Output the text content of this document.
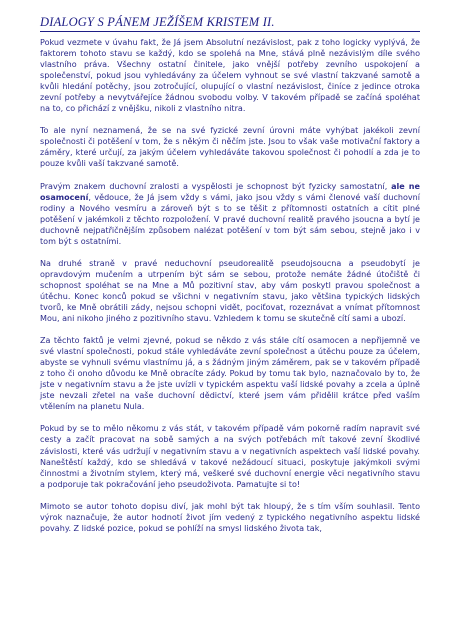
DIALOGY S PÁNEM JEŽÍŠEM KRISTEM II.

Pokud vezmete v úvahu fakt, že Já jsem Absolutní nezávislost, pak z toho logicky vyplývá, že faktorem tohoto stavu se každý, kdo se spolehá na Mne, stává plně nezávislým díle svého vlastního práva. Všechny ostatní činitele, jako vnější potřeby zevního uspokojení a společenství, pokud jsou vyhledávány za účelem vyhnout se své vlastní takzvané samotě a kvůli hledání potěchy, jsou zotročující, olupující o vlastní nezávislost, činíce z jedince otroka zevní potřeby a nevytvářejíce žádnou svobodu volby. V takovém případě se začíná spoléhat na to, co přichází z vnějšku, nikoli z vlastního nitra.

To ale nyní neznamená, že se na své fyzické zevní úrovni máte vyhýbat jakékoli zevní společnosti či potěšení v tom, že s někým či něčím jste. Jsou to však vaše motivační faktory a záměry, které určují, za jakým účelem vyhledáváte takovou společnost či pohodlí a zda je to pouze kvůli vaší takzvané samotě.

Pravým znakem duchovní zralosti a vyspělosti je schopnost být fyzicky samostatní, ale ne osamocení, vědouce, že Já jsem vždy s vámi, jako jsou vždy s vámi členové vaší duchovní rodiny a Nového vesmíru a zároveň být s to se těšit z přítomnosti ostatních a cítit plné potěšení v jakémkoli z těchto rozpoložení. V pravé duchovní realitě pravého jsoucna a bytí je duchovně nejpatřičnějším způsobem nalézat potěšení v tom být sám sebou, stejně jako i v tom být s ostatními.

Na druhé straně v pravé neduchovní pseudorealitě pseudojsoucna a pseudobytí je opravdovým mučením a utrpením být sám se sebou, protože nemáte žádné útočiště či schopnost spoléhat se na Mne a Mů pozitivní stav, aby vám poskytl pravou společnost a útěchu. Konec konců pokud se všichni v negativním stavu, jako většina typických lidských tvorů, ke Mně obrátili zády, nejsou schopni vidět, pociťovat, rozeznávat a vnímat přítomnost Mou, ani nikoho jiného z pozitivního stavu. Vzhledem k tomu se skutečně cítí sami a ubozí.

Za těchto faktů je velmi zjevné, pokud se někdo z vás stále cítí osamocen a nepřijemně ve své vlastní společnosti, pokud stále vyhledáváte zevní společnost a útěchu pouze za účelem, abyste se vyhnuli svému vlastnímu já, a s žádným jiným záměrem, pak se v takovém případě z toho či onoho důvodu ke Mně obracíte zády. Pokud by tomu tak bylo, naznačovalo by to, že jste v negativním stavu a že jste uvízli v typickém aspektu vaší lidské povahy a zcela a úplně jste nevzali zřetel na vaše duchovní dědictví, které jsem vám přidělil krátce před vaším vtělením na planetu Nula.

Pokud by se to mělo někomu z vás stát, v takovém případě vám pokorně radím napravit své cesty a začít pracovat na sobě samých a na svých potřebách mít takové zevní škodlivé závislosti, které vás udržují v negativním stavu a v negativních aspektech vaší lidské povahy. Naneštěstí každý, kdo se shledává v takové nežádoucí situaci, poskytuje jakýmkoli svými činnostmi a životním stylem, který má, veškeré své duchovní energie věci negativního stavu a podporuje tak pokračování jeho pseudoživota. Pamatujte si to!

Mimoto se autor tohoto dopisu diví, jak mohl být tak hloupý, že s tím vším souhlasil. Tento výrok naznačuje, že autor hodnotí život jím vedený z typického negativního aspektu lidské povahy. Z lidské pozice, pokud se pohlíží na smysl lidského života tak,
